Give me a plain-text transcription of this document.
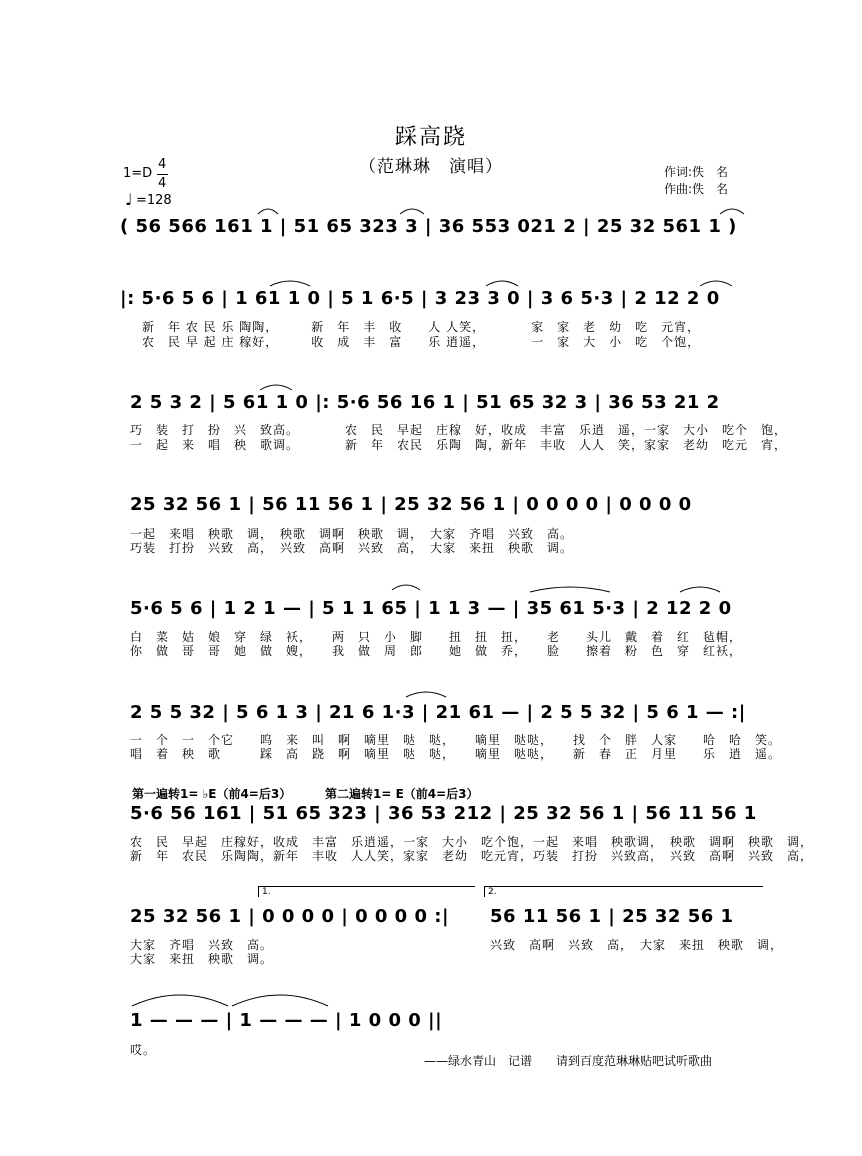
踩高跷
（范琳琳　演唱）
1=D
4
4
♩ =128
作词:佚　名
作曲:佚　名
( 56 566 161 1 | 51 65 323 3 | 36 553 021 2 | 25 32 561 1 )
|: 5·6 5 6 | 1 61 1 0 | 5 1 6·5 | 3 23 3 0 | 3 6 5·3 | 2 12 2 0
新　年 农 民 乐 陶陶，　　　新　年　丰　收　　人 人笑，　　　　家　家　老　幼　吃　元宵，
农　民 早 起 庄 稼好，　　　收　成　丰　富　　乐 逍遥，　　　　一　家　大　小　吃　个饱，
2 5 3 2 | 5 61 1 0 |: 5·6 56 16 1 | 51 65 32 3 | 36 53 21 2
巧　装　打　扮　兴　致高。　　　　农　民　早起　庄稼　好，收成　丰富　乐逍　遥，一家　大小　吃个　饱，
一　起　来　唱　秧　歌调。　　　　新　年　农民　乐陶　陶，新年　丰收　人人　笑，家家　老幼　吃元　宵，
25 32 56 1 | 56 11 56 1 | 25 32 56 1 | 0 0 0 0 | 0 0 0 0
一起　来唱　秧歌　调，　秧歌　调啊　秧歌　调，　大家　齐唱　兴致　高。
巧装　打扮　兴致　高，　兴致　高啊　兴致　高，　大家　来扭　秧歌　调。
5·6 5 6 | 1 2 1 — | 5 1 1 65 | 1 1 3 — | 35 61 5·3 | 2 12 2 0
白　菜　姑　娘　穿　绿　袄，　　两　只　小　脚　　扭　扭　扭，　　老　　头儿　戴　着　红　毡帽，
你　做　哥　哥　她　做　嫂，　　我　做　周　郎　　她　做　乔，　　脸　　擦着　粉　色　穿　红袄，
2 5 5 32 | 5 6 1 3 | 21 6 1·3 | 21 61 — | 2 5 5 32 | 5 6 1 — :|
一　个　一　个它　　呜　来　叫　啊　嘀里　哒　哒，　　嘀里　哒哒，　　找　个　胖　人家　　哈　哈　笑。
唱　着　秧　歌　　　踩　高　跷　啊　嘀里　哒　哒，　　嘀里　哒哒，　　新　春　正　月里　　乐　逍　遥。
第一遍转1= ♭E（前4=后3）	第二遍转1= E（前4=后3）
5·6 56 161 | 51 65 323 | 36 53 212 | 25 32 56 1 | 56 11 56 1
农　民　早起　庄稼好，收成　丰富　乐逍遥，一家　大小　吃个饱，一起　来唱　秧歌调，　秧歌　调啊　秧歌　调，
新　年　农民　乐陶陶，新年　丰收　人人笑，家家　老幼　吃元宵，巧装　打扮　兴致高，　兴致　高啊　兴致　高，
1.	2.
25 32 56 1 | 0 0 0 0 | 0 0 0 0 :| 56 11 56 1 | 25 32 56 1
大家　齐唱　兴致　高。
大家　来扭　秧歌　调。
兴致　高啊　兴致　高，　大家　来扭　秧歌　调，
1 — — — | 1 — — — | 1 0 0 0 ||
哎。
——绿水青山　记谱 请到百度范琳琳贴吧试听歌曲
